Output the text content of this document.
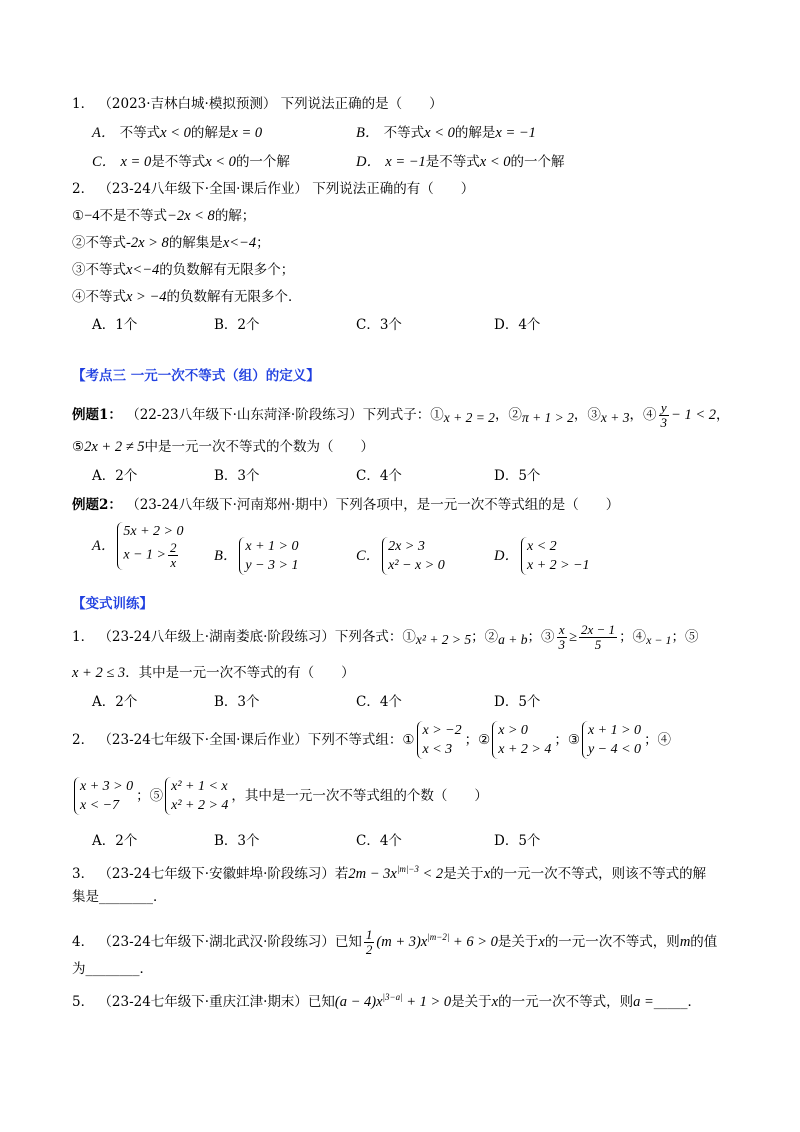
1． （2023·吉林白城·模拟预测） 下列说法正确的是（　　）
A． 不等式x < 0的解是x = 0	B． 不等式x < 0的解是x = −1
C． x = 0是不等式x < 0的一个解	D． x = −1是不等式x < 0的一个解
2． （23-24八年级下·全国·课后作业） 下列说法正确的有（　　）
①−4不是不等式−2x < 8的解；
②不等式-2x > 8的解集是x<−4；
③不等式x<−4的负数解有无限多个；
④不等式x > −4的负数解有无限多个．
A．1个	B．2个	C．3个	D．4个
【考点三 一元一次不等式（组）的定义】
例题1： （22-23八年级下·山东菏泽·阶段练习）下列式子：①x + 2 = 2，②π + 1 > 2，③x + 3，④ $\frac{y}{3} - 1 < 2$，
⑤2x + 2 ≠ 5中是一元一次不等式的个数为（　　）
A．2个	B．3个	C．4个	D．5个
例题2： （23-24八年级下·河南郑州·期中）下列各项中，是一元一次不等式组的是（　　）
A．
5x + 2 > 0
$x - 1 > \frac{2}{x}$ B．
x + 1 > 0
y − 3 > 1
C．
2x > 3
x² − x > 0
D．
x < 2
x + 2 > −1
【变式训练】
1． （23-24八年级上·湖南娄底·阶段练习）下列各式：①x² + 2 > 5；②a + b；③ $\frac{x}{3} \ge \frac{2x - 1}{5}$ ；④x − 1；⑤
x + 2 ≤ 3．其中是一元一次不等式的有（　　）
A．2个	B．3个	C．4个	D．5个
2． （23-24七年级下·全国·课后作业）下列不等式组：①
x > −2
x < 3
；②
x > 0
x + 2 > 4
；③
x + 1 > 0
y − 4 < 0
；④
x + 3 > 0
x < −7
；⑤
x² + 1 < x
x² + 2 > 4
，其中是一元一次不等式组的个数（　　）
A．2个	B．3个	C．4个	D．5个
3． （23-24七年级下·安徽蚌埠·阶段练习）若$2m - 3x^{|m|-3} < 2$是关于x的一元一次不等式，则该不等式的解
集是________．
4． （23-24七年级下·湖北武汉·阶段练习）已知 $\frac{1}{2} (m + 3)x^{|m-2|} + 6 > 0$是关于x的一元一次不等式，则m的值
为________．
5． （23-24七年级下·重庆江津·期末）已知$(a - 4)x^{|3-a|} + 1 > 0$是关于x的一元一次不等式，则a =_____．
